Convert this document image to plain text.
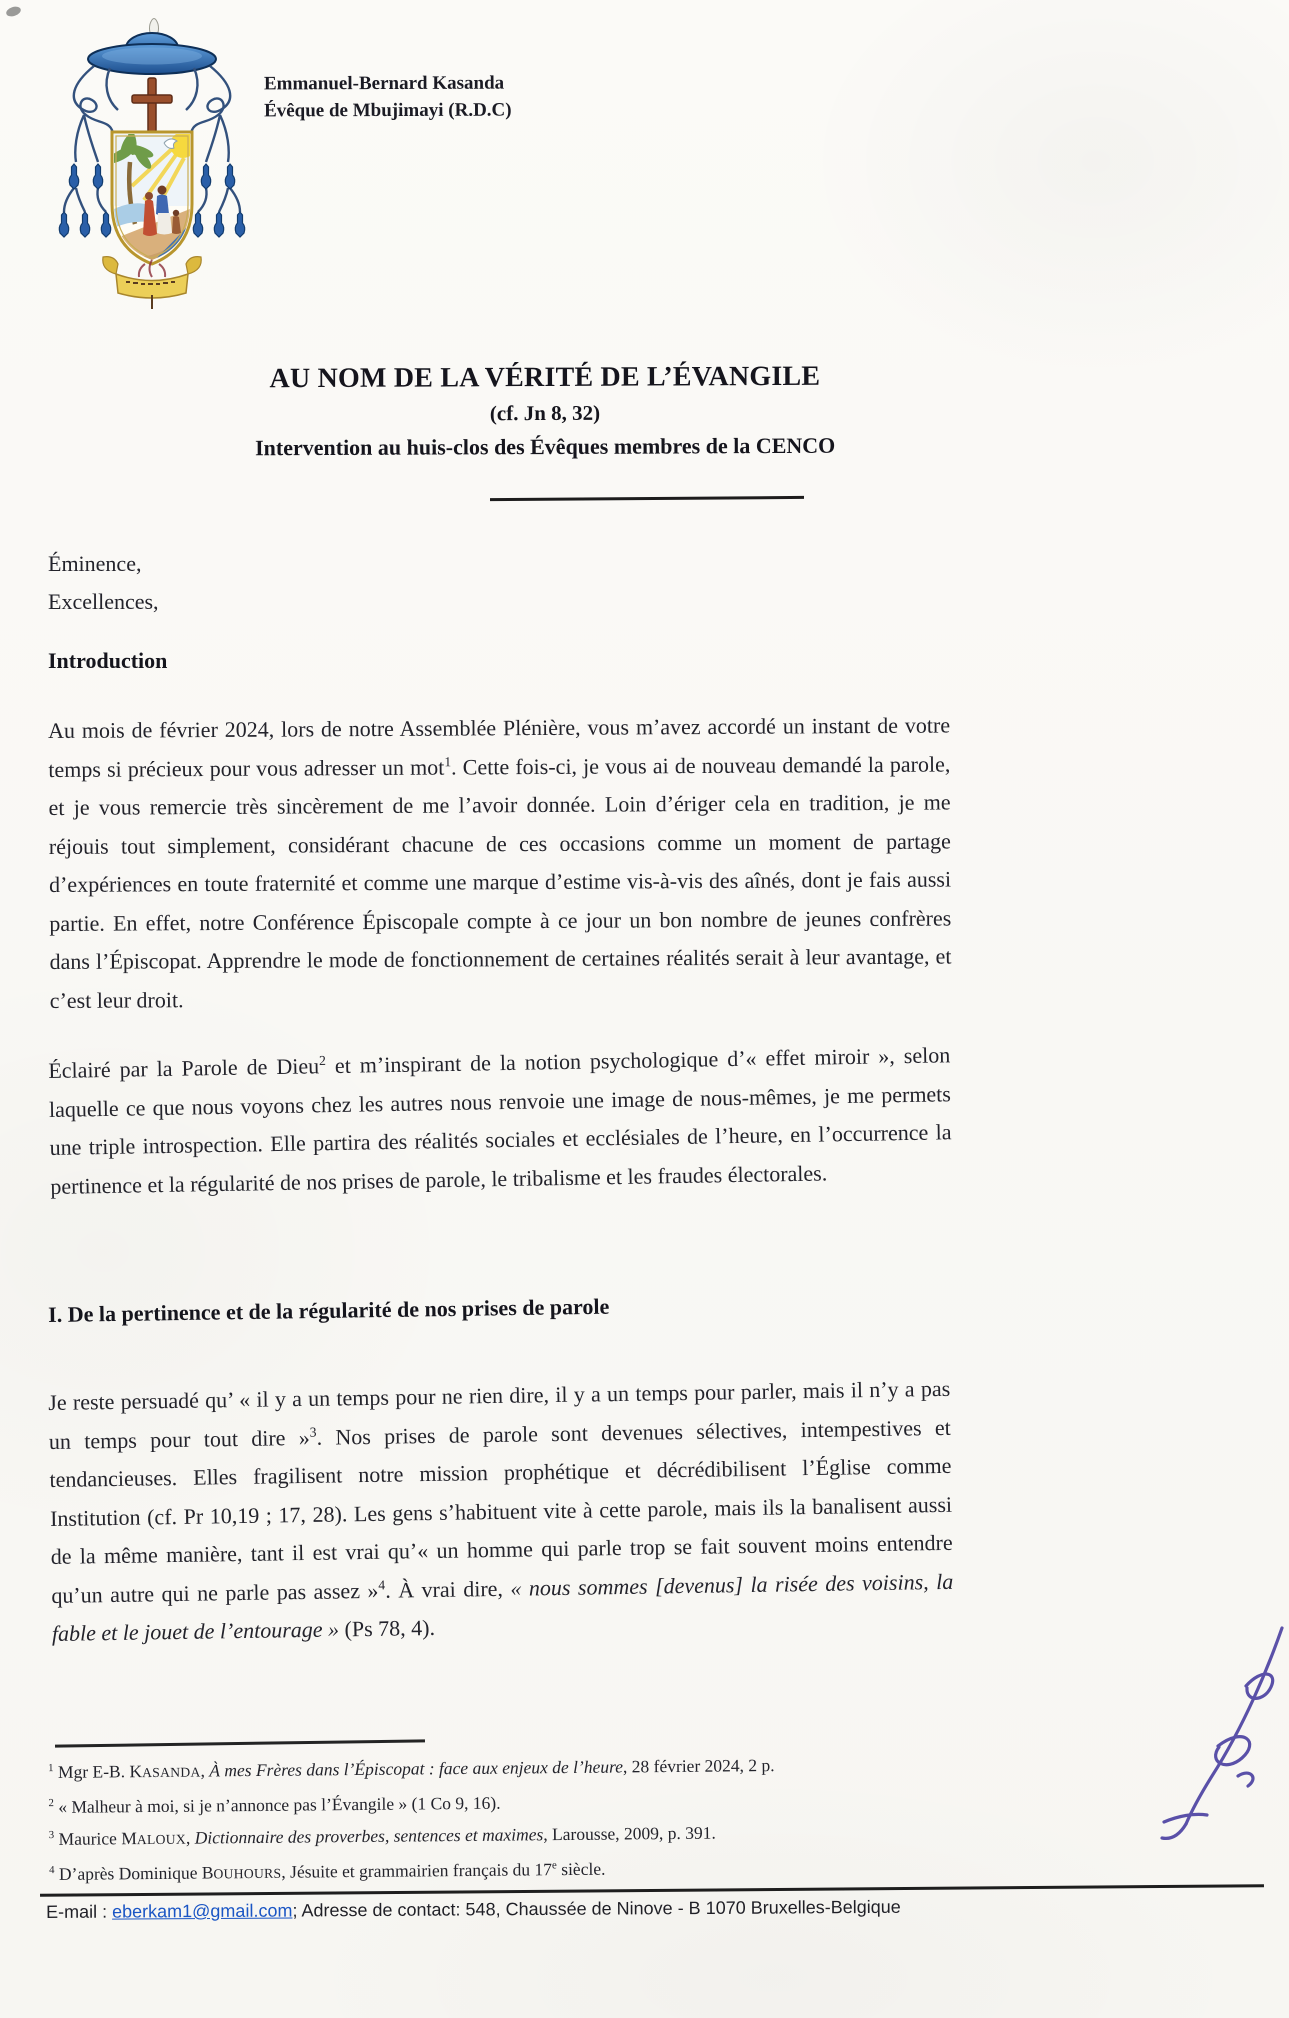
Emmanuel-Bernard Kasanda
Évêque de Mbujimayi (R.D.C)
AU NOM DE LA VÉRITÉ DE L’ÉVANGILE
(cf. Jn 8, 32)
Intervention au huis-clos des Évêques membres de la CENCO
Éminence,
Excellences,
Introduction
Au mois de février 2024, lors de notre Assemblée Plénière, vous m’avez accordé un instant de votre temps si précieux pour vous adresser un mot$^1$. Cette fois-ci, je vous ai de nouveau demandé la parole, et je vous remercie très sincèrement de me l’avoir donnée. Loin d’ériger cela en tradition, je me réjouis tout simplement, considérant chacune de ces occasions comme un moment de partage d’expériences en toute fraternité et comme une marque d’estime vis-à-vis des aînés, dont je fais aussi partie. En effet, notre Conférence Épiscopale compte à ce jour un bon nombre de jeunes confrères dans l’Épiscopat. Apprendre le mode de fonctionnement de certaines réalités serait à leur avantage, et c’est leur droit.
Éclairé par la Parole de Dieu$^2$ et m’inspirant de la notion psychologique d’« effet miroir », selon laquelle ce que nous voyons chez les autres nous renvoie une image de nous-mêmes, je me permets une triple introspection. Elle partira des réalités sociales et ecclésiales de l’heure, en l’occurrence la pertinence et la régularité de nos prises de parole, le tribalisme et les fraudes électorales.
I. De la pertinence et de la régularité de nos prises de parole
Je reste persuadé qu’ « il y a un temps pour ne rien dire, il y a un temps pour parler, mais il n’y a pas un temps pour tout dire »$^3$. Nos prises de parole sont devenues sélectives, intempestives et tendancieuses. Elles fragilisent notre mission prophétique et décrédibilisent l’Église comme Institution (cf. Pr 10,19 ; 17, 28). Les gens s’habituent vite à cette parole, mais ils la banalisent aussi de la même manière, tant il est vrai qu’« un homme qui parle trop se fait souvent moins entendre qu’un autre qui ne parle pas assez »$^4$. À vrai dire, « nous sommes [devenus] la risée des voisins, la fable et le jouet de l’entourage » (Ps 78, 4).
$^1$ Mgr E-B. KASANDA, À mes Frères dans l’Épiscopat : face aux enjeux de l’heure, 28 février 2024, 2 p.
$^2$ « Malheur à moi, si je n’annonce pas l’Évangile » (1 Co 9, 16).
$^3$ Maurice MALOUX, Dictionnaire des proverbes, sentences et maximes, Larousse, 2009, p. 391.
$^4$ D’après Dominique BOUHOURS, Jésuite et grammairien français du 17e siècle.
E-mail : eberkam1@gmail.com; Adresse de contact: 548, Chaussée de Ninove - B 1070 Bruxelles-Belgique
